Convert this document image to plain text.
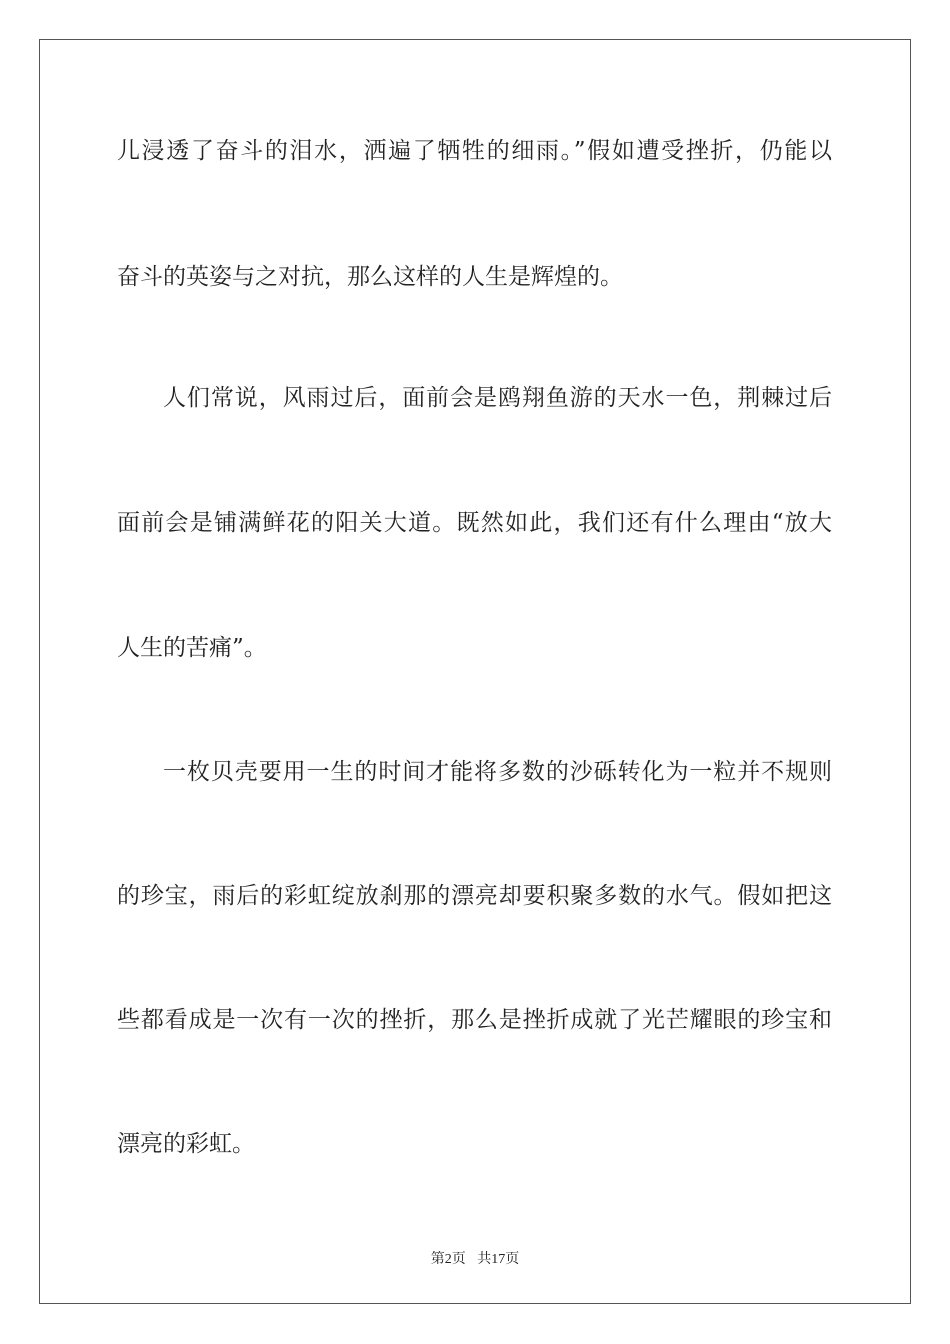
儿浸透了奋斗的泪水，洒遍了牺牲的细雨。”假如遭受挫折，仍能以
奋斗的英姿与之对抗，那么这样的人生是辉煌的。
人们常说，风雨过后，面前会是鸥翔鱼游的天水一色，荆棘过后
面前会是铺满鲜花的阳关大道。既然如此，我们还有什么理由“放大
人生的苦痛”。
一枚贝壳要用一生的时间才能将多数的沙砾转化为一粒并不规则
的珍宝，雨后的彩虹绽放刹那的漂亮却要积聚多数的水气。假如把这
些都看成是一次有一次的挫折，那么是挫折成就了光芒耀眼的珍宝和
漂亮的彩虹。
第2页 共17页
